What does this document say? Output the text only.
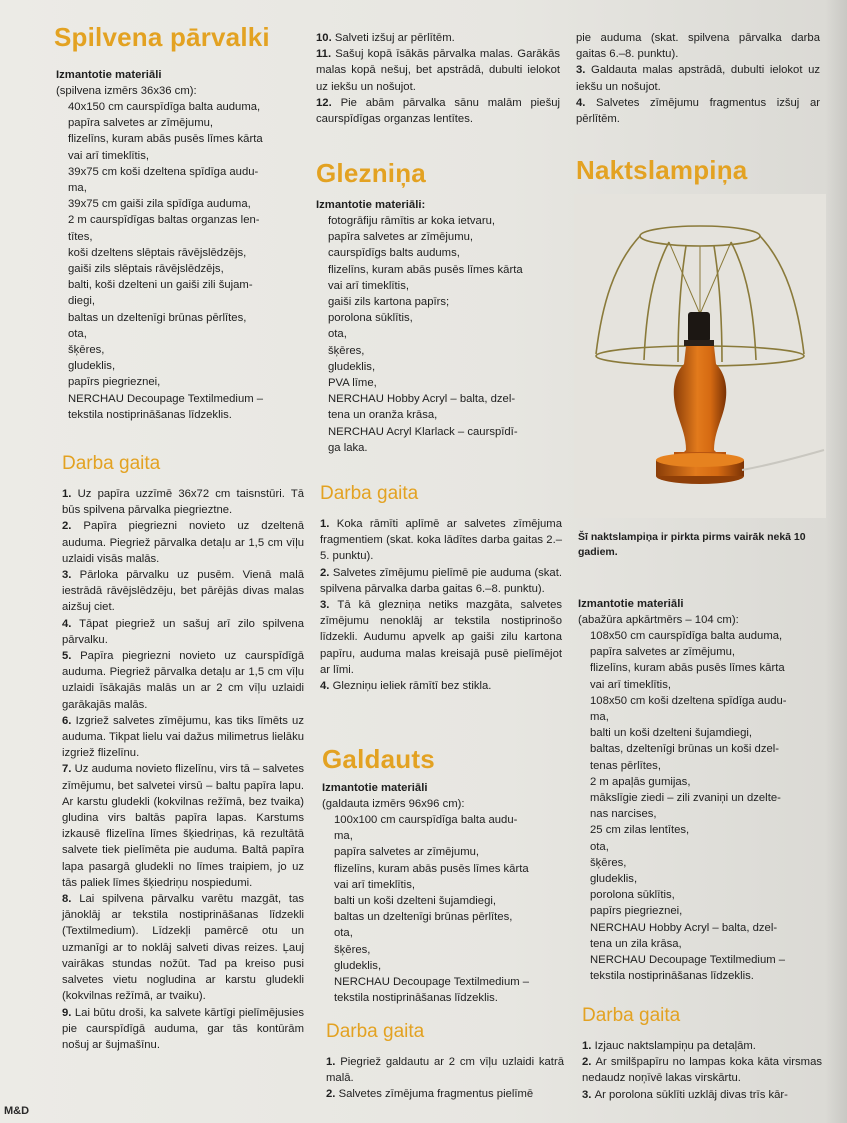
Spilvena pārvalki

Izmantotie materiāli

(spilvena izmērs 36x36 cm):

40x150 cm caurspīdīga balta auduma,
papīra salvetes ar zīmējumu,
flizelīns, kuram abās pusēs līmes kārta
vai arī timeklītis,
39x75 cm koši dzeltena spīdīga audu-
ma,
39x75 cm gaiši zila spīdīga auduma,
2 m caurspīdīgas baltas organzas len-
tītes,
koši dzeltens slēptais rāvējslēdzējs,
gaiši zils slēptais rāvējslēdzējs,
balti, koši dzelteni un gaiši zili šujam-
diegi,
baltas un dzeltenīgi brūnas pērlītes,
ota,
šķēres,
gludeklis,
papīrs piegrieznei,
NERCHAU Decoupage Textilmedium –
tekstila nostiprināšanas līdzeklis.
Darba gaita
1. Uz papīra uzzīmē 36x72 cm taisnstūri. Tā būs spilvena pārvalka piegrieztne.
2. Papīra piegriezni novieto uz dzeltenā auduma. Piegriež pārvalka detaļu ar 1,5 cm vīļu uzlaidi visās malās.
3. Pārloka pārvalku uz pusēm. Vienā malā iestrādā rāvējslēdzēju, bet pārējās divas malas aizšuj ciet.
4. Tāpat piegriež un sašuj arī zilo spilvena pārvalku.
5. Papīra piegriezni novieto uz caurspīdīgā auduma. Piegriež pārvalka detaļu ar 1,5 cm vīļu uzlaidi īsākajās malās un ar 2 cm vīļu uzlaidi garākajās malās.
6. Izgriež salvetes zīmējumu, kas tiks līmēts uz auduma. Tikpat lielu vai dažus milimetrus lielāku izgriež flizelīnu.
7. Uz auduma novieto flizelīnu, virs tā – salvetes zīmējumu, bet salvetei virsū – baltu papīra lapu. Ar karstu gludekli (kokvilnas režīmā, bez tvaika) gludina virs baltās papīra lapas. Karstums izkausē flizelīna līmes šķiedriņas, kā rezultātā salvete tiek pielīmēta pie auduma. Baltā papīra lapa pasargā gludekli no līmes traipiem, jo uz tās paliek līmes šķiedriņu nospiedumi.
8. Lai spilvena pārvalku varētu mazgāt, tas jānoklāj ar tekstila nostiprināšanas līdzekli (Textilmedium). Līdzekļi pamērcē otu un uzmanīgi ar to noklāj salveti divas reizes. Ļauj vairākas stundas nožūt. Tad pa kreiso pusi salvetes vietu nogludina ar karstu gludekli (kokvilnas režīmā, ar tvaiku).
9. Lai būtu droši, ka salvete kārtīgi pielīmējusies pie caurspīdīgā auduma, gar tās kontūrām nošuj ar šujmašīnu.
10. Salveti izšuj ar pērlītēm.
11. Sašuj kopā īsākās pārvalka malas. Garākās malas kopā nešuj, bet apstrādā, dubulti ielokot uz iekšu un nošujot.
12. Pie abām pārvalka sānu malām piešuj caurspīdīgas organzas lentītes.
Glezniņa

Izmantotie materiāli:

fotogrāfiju rāmītis ar koka ietvaru,
papīra salvetes ar zīmējumu,
caurspīdīgs balts audums,
flizelīns, kuram abās pusēs līmes kārta
vai arī timeklītis,
gaiši zils kartona papīrs;
porolona sūklītis,
ota,
šķēres,
gludeklis,
PVA līme,
NERCHAU Hobby Acryl – balta, dzel-
tena un oranža krāsa,
NERCHAU Acryl Klarlack – caurspīdī-
ga laka.
Darba gaita
1. Koka rāmīti aplīmē ar salvetes zīmējuma fragmentiem (skat. koka lādītes darba gaitas 2.–5. punktu).
2. Salvetes zīmējumu pielīmē pie auduma (skat. spilvena pārvalka darba gaitas 6.–8. punktu).
3. Tā kā glezniņa netiks mazgāta, salvetes zīmējumu nenoklāj ar tekstila nostiprinošo līdzekli. Audumu apvelk ap gaiši zilu kartona papīru, auduma malas kreisajā pusē pielīmējot ar līmi.
4. Glezniņu ieliek rāmītī bez stikla.
Galdauts

Izmantotie materiāli

(galdauta izmērs 96x96 cm):

100x100 cm caurspīdīga balta audu-
ma,
papīra salvetes ar zīmējumu,
flizelīns, kuram abās pusēs līmes kārta
vai arī timeklītis,
balti un koši dzelteni šujamdiegi,
baltas un dzeltenīgi brūnas pērlītes,
ota,
šķēres,
gludeklis,
NERCHAU Decoupage Textilmedium –
tekstila nostiprināšanas līdzeklis.
Darba gaita
1. Piegriež galdautu ar 2 cm vīļu uzlaidi katrā malā.
2. Salvetes zīmējuma fragmentus pielīmē
pie auduma (skat. spilvena pārvalka darba gaitas 6.–8. punktu).
3. Galdauta malas apstrādā, dubulti ielokot uz iekšu un nošujot.
4. Salvetes zīmējumu fragmentus izšuj ar pērlītēm.
Naktslampiņa

Šī naktslampiņa ir pirkta pirms vairāk nekā 10 gadiem.

Izmantotie materiāli

(abažūra apkārtmērs – 104 cm):

108x50 cm caurspīdīga balta auduma,
papīra salvetes ar zīmējumu,
flizelīns, kuram abās pusēs līmes kārta
vai arī timeklītis,
108x50 cm koši dzeltena spīdīga audu-
ma,
balti un koši dzelteni šujamdiegi,
baltas, dzeltenīgi brūnas un koši dzel-
tenas pērlītes,
2 m apaļās gumijas,
mākslīgie ziedi – zili zvaniņi un dzelte-
nas narcises,
25 cm zilas lentītes,
ota,
šķēres,
gludeklis,
porolona sūklītis,
papīrs piegrieznei,
NERCHAU Hobby Acryl – balta, dzel-
tena un zila krāsa,
NERCHAU Decoupage Textilmedium –
tekstila nostiprināšanas līdzeklis.
Darba gaita
1. Izjauc naktslampiņu pa detaļām.
2. Ar smilšpapīru no lampas koka kāta virsmas nedaudz noņīvē lakas virskārtu.
3. Ar porolona sūklīti uzklāj divas trīs kār-
M&D
